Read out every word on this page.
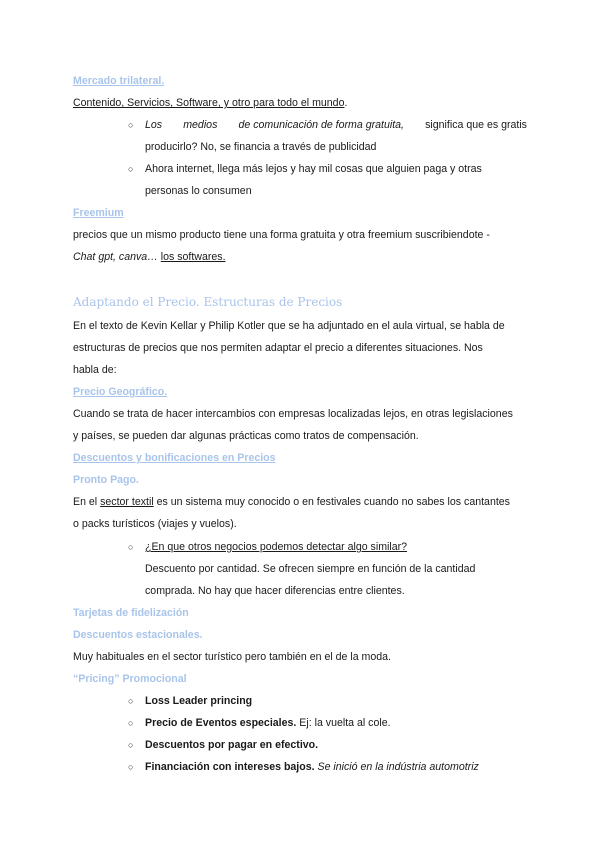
Mercado trilateral.
Contenido, Servicios, Software, y otro para todo el mundo.
○ Los medios de comunicación de forma gratuita, significa que es gratis
producirlo? No, se financia a través de publicidad
○ Ahora internet, llega más lejos y hay mil cosas que alguien paga y otras
personas lo consumen
Freemium
precios que un mismo producto tiene una forma gratuita y otra freemium suscribiendote -
Chat gpt, canva… los softwares.
Adaptando el Precio. Estructuras de Precios
En el texto de Kevin Kellar y Philip Kotler que se ha adjuntado en el aula virtual, se habla de
estructuras de precios que nos permiten adaptar el precio a diferentes situaciones. Nos
habla de:
Precio Geográfico.
Cuando se trata de hacer intercambios con empresas localizadas lejos, en otras legislaciones
y países, se pueden dar algunas prácticas como tratos de compensación.
Descuentos y bonificaciones en Precios
Pronto Pago.
En el sector textil es un sistema muy conocido o en festivales cuando no sabes los cantantes
o packs turísticos (viajes y vuelos).
○ ¿En que otros negocios podemos detectar algo similar?
Descuento por cantidad. Se ofrecen siempre en función de la cantidad
comprada. No hay que hacer diferencias entre clientes.
Tarjetas de fidelización
Descuentos estacionales.
Muy habituales en el sector turístico pero también en el de la moda.
“Pricing” Promocional
○ Loss Leader princing
○ Precio de Eventos especiales. Ej: la vuelta al cole.
○ Descuentos por pagar en efectivo.
○ Financiación con intereses bajos. Se inició en la indústria automotriz
